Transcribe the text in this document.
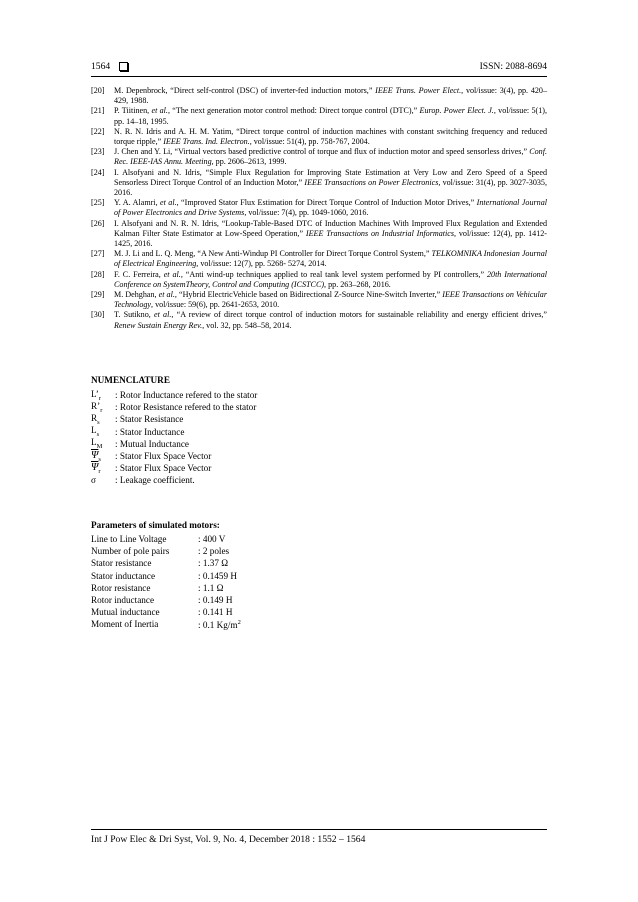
1564	ISSN: 2088-8694
[20]	M. Depenbrock, “Direct self-control (DSC) of inverter-fed induction motors,” IEEE Trans. Power Elect., vol/issue: 3(4), pp. 420–429, 1988.
[21]	P. Tiitinen, et al., “The next generation motor control method: Direct torque control (DTC),” Europ. Power Elect. J., vol/issue: 5(1), pp. 14–18, 1995.
[22]	N. R. N. Idris and A. H. M. Yatim, “Direct torque control of induction machines with constant switching frequency and reduced torque ripple,” IEEE Trans. Ind. Electron., vol/issue: 51(4), pp. 758-767, 2004.
[23]	J. Chen and Y. Li, “Virtual vectors based predictive control of torque and flux of induction motor and speed sensorless drives,” Conf. Rec. IEEE-IAS Annu. Meeting, pp. 2606–2613, 1999.
[24]	I. Alsofyani and N. Idris, “Simple Flux Regulation for Improving State Estimation at Very Low and Zero Speed of a Speed Sensorless Direct Torque Control of an Induction Motor,” IEEE Transactions on Power Electronics, vol/issue: 31(4), pp. 3027-3035, 2016.
[25]	Y. A. Alamri, et al., “Improved Stator Flux Estimation for Direct Torque Control of Induction Motor Drives,” International Journal of Power Electronics and Drive Systems, vol/issue: 7(4), pp. 1049-1060, 2016.
[26]	I. Alsofyani and N. R. N. Idris, “Lookup-Table-Based DTC of Induction Machines With Improved Flux Regulation and Extended Kalman Filter State Estimator at Low-Speed Operation,” IEEE Transactions on Industrial Informatics, vol/issue: 12(4), pp. 1412-1425, 2016.
[27]	M. J. Li and L. Q. Meng, “A New Anti-Windup PI Controller for Direct Torque Control System,” TELKOMNIKA Indonesian Journal of Electrical Engineering, vol/issue: 12(7), pp. 5268- 5274, 2014.
[28]	F. C. Ferreira, et al., “Anti wind-up techniques applied to real tank level system performed by PI controllers,” 20th International Conference on SystemTheory, Control and Computing (ICSTCC), pp. 263–268, 2016.
[29]	M. Dehghan, et al., “Hybrid ElectricVehicle based on Bidirectional Z-Source Nine-Switch Inverter,” IEEE Transactions on Vehicular Technology, vol/issue: 59(6), pp. 2641-2653, 2010.
[30]	T. Sutikno, et al., “A review of direct torque control of induction motors for sustainable reliability and energy efficient drives,” Renew Sustain Energy Rev., vol. 32, pp. 548–58, 2014.
NUMENCLATURE
$L’_r$	: Rotor Inductance refered to the stator
$R’_r$	: Rotor Resistance refered to the stator
$R_s$	: Stator Resistance
$L_s$	: Stator Inductance
$L_M$	: Mutual Inductance
$\overline{\Psi}_s$	: Stator Flux Space Vector
$\overline{\Psi}_r$	: Stator Flux Space Vector
σ	: Leakage coefficient.
Parameters of simulated motors:
Line to Line Voltage	: 400 V
Number of pole pairs	: 2 poles
Stator resistance	: 1.37 Ω
Stator inductance	: 0.1459 H
Rotor resistance	: 1.1 Ω
Rotor inductance	: 0.149 H
Mutual inductance	: 0.141 H
Moment of Inertia	: 0.1 $Kg/m^2$
Int J Pow Elec & Dri Syst, Vol. 9, No. 4, December 2018 : 1552 – 1564
